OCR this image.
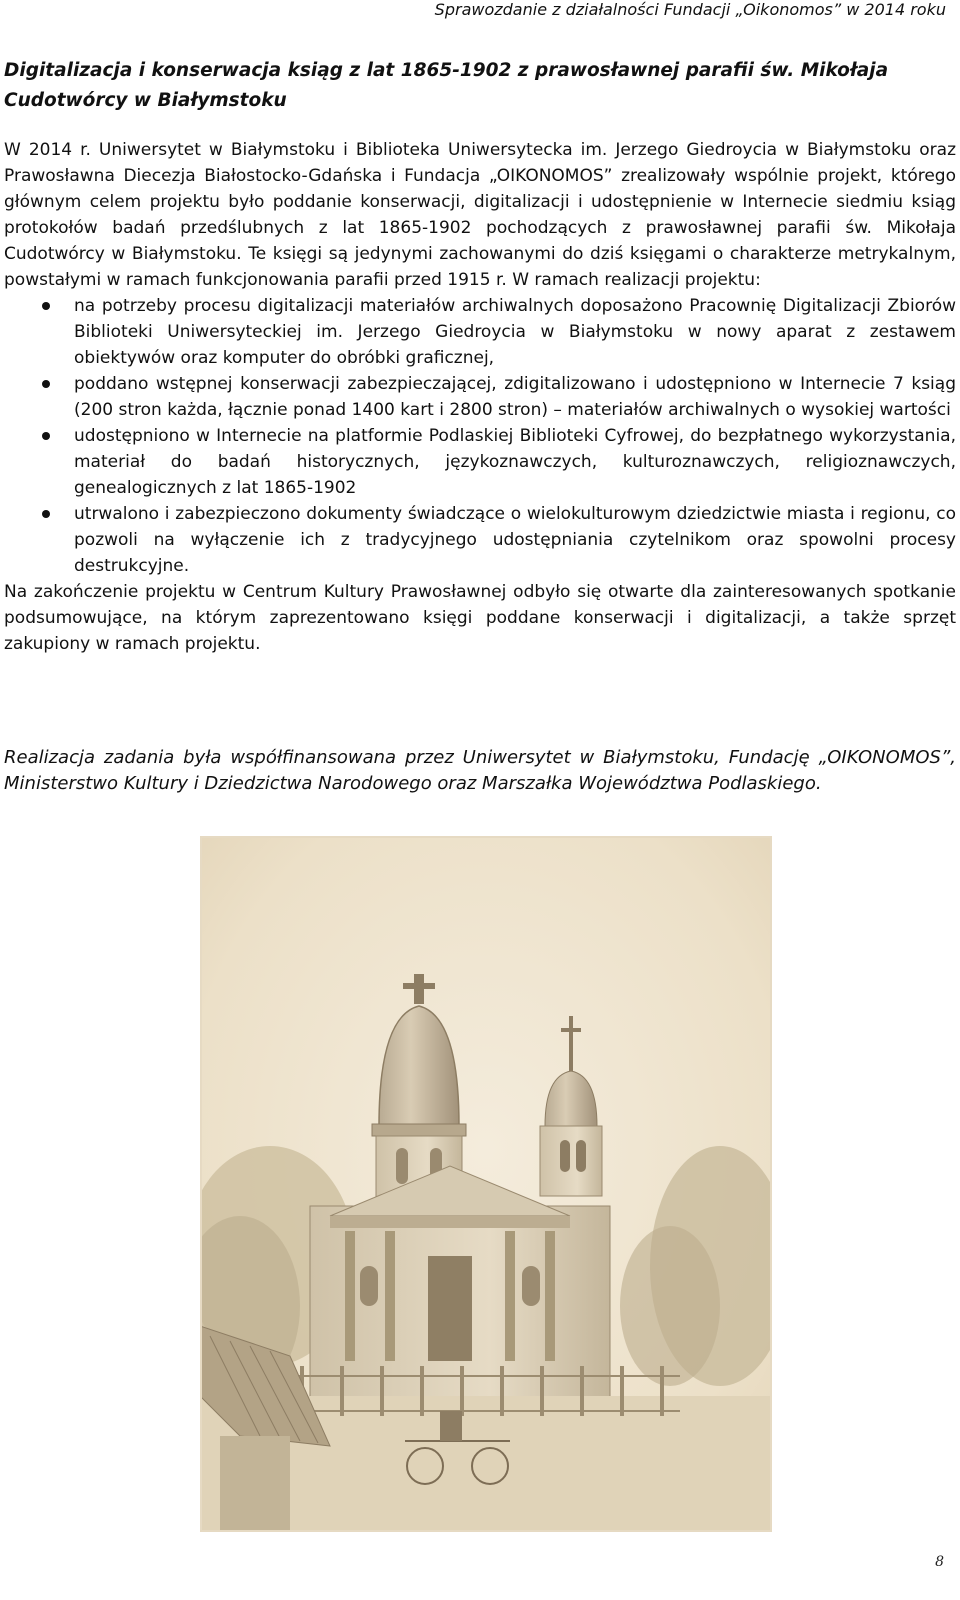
Sprawozdanie z działalności Fundacji „Oikonomos” w 2014 roku
Digitalizacja i konserwacja ksiąg z lat 1865-1902 z prawosławnej parafii św. Mikołaja Cudotwórcy w Białymstoku

W 2014 r. Uniwersytet w Białymstoku i Biblioteka Uniwersytecka im. Jerzego Giedroycia w Białymstoku oraz Prawosławna Diecezja Białostocko-Gdańska i Fundacja „OIKONOMOS” zrealizowały wspólnie projekt, którego głównym celem projektu było poddanie konserwacji, digitalizacji i udostępnienie w Internecie siedmiu ksiąg protokołów badań przedślubnych z lat 1865-1902 pochodzących z prawosławnej parafii św. Mikołaja Cudotwórcy w Białymstoku. Te księgi są jedynymi zachowanymi do dziś księgami o charakterze metrykalnym, powstałymi w ramach funkcjonowania parafii przed 1915 r. W ramach realizacji projektu:

na potrzeby procesu digitalizacji materiałów archiwalnych doposażono Pracownię Digitalizacji Zbiorów Biblioteki Uniwersyteckiej im. Jerzego Giedroycia w Białymstoku w nowy aparat z zestawem obiektywów oraz komputer do obróbki graficznej,
poddano wstępnej konserwacji zabezpieczającej, zdigitalizowano i udostępniono w Internecie 7 ksiąg (200 stron każda, łącznie ponad 1400 kart i 2800 stron) – materiałów archiwalnych o wysokiej wartości
udostępniono w Internecie na platformie Podlaskiej Biblioteki Cyfrowej, do bezpłatnego wykorzystania, materiał do badań historycznych, językoznawczych, kulturoznawczych, religioznawczych, genealogicznych z lat 1865-1902
utrwalono i zabezpieczono dokumenty świadczące o wielokulturowym dziedzictwie miasta i regionu, co pozwoli na wyłączenie ich z tradycyjnego udostępniania czytelnikom oraz spowolni procesy destrukcyjne.

Na zakończenie projektu w Centrum Kultury Prawosławnej odbyło się otwarte dla zainteresowanych spotkanie podsumowujące, na którym zaprezentowano księgi poddane konserwacji i digitalizacji, a także sprzęt zakupiony w ramach projektu.

Realizacja zadania była współfinansowana przez Uniwersytet w Białymstoku, Fundację „OIKONOMOS”, Ministerstwo Kultury i Dziedzictwa Narodowego oraz Marszałka Województwa Podlaskiego.

8
